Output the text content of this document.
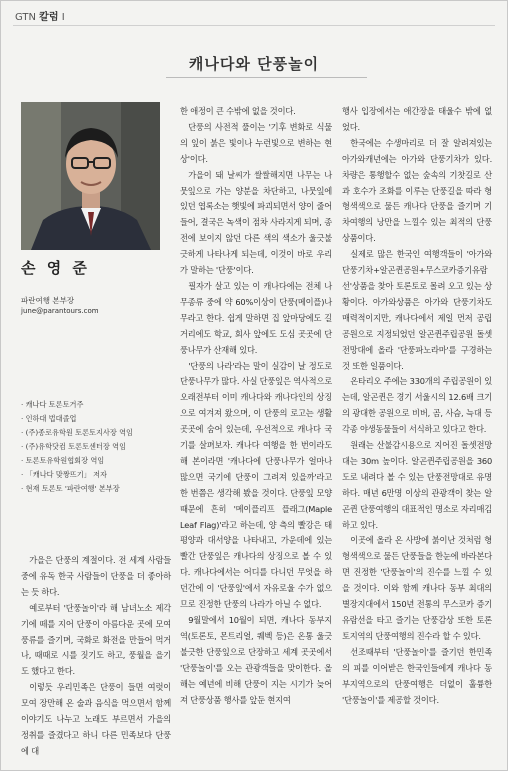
GTN 칼럼 I
캐나다와 단풍놀이
손 영 준
파란여행 본부장
june@parantours.com
· 캐나다 토론토거주
· 인하대 법대졸업
· (주)종로유학원 토론토지사장 역임
· (주)유학닷컴 토론토센터장 역임
· 토론토유학원협회장 역임
· 「캐나다 맞짱뜨기」 저자
· 현재 토론토 '파란여행' 본부장

가을은 단풍의 계절이다. 전 세계 사람들 중에 유독 한국 사람들이 단풍을 더 좋아하는 듯 하다.

예로부터 '단풍놀이'라 해 남녀노소 제각기에 떼를 지어 단풍이 아름다운 곳에 모여 풍류를 즐기며, 국화로 화전을 만들어 먹거나, 때때로 시를 짓기도 하고, 풍월을 을기도 했다고 한다.

이렇듯 우리민족은 단풍이 들면 여럿이 모여 장만해 온 술과 음식을 먹으면서 함께 이야기도 나누고 노래도 부르면서 가을의 정취를 즐겼다고 하니 다른 민족보다 단풍에 대

한 애정이 큰 수밖에 없을 것이다.

단풍의 사전적 풀이는 '기후 변화로 식물의 잎이 붉은 빛이나 누런빛으로 변하는 현상'이다.

가을이 돼 날씨가 쌀쌀해지면 나무는 나뭇잎으로 가는 양분을 차단하고, 나뭇잎에 있던 엽록소는 햇빛에 파괴되면서 양이 줄어들어, 결국은 녹색이 점차 사라지게 되며, 종전에 보이지 않던 다른 색의 색소가 울긋불긋하게 나타나게 되는데, 이것이 바로 우리가 말하는 '단풍'이다.

필자가 살고 있는 이 캐나다에는 전체 나무종류 중에 약 60%이상이 단풍(메이플)나무라고 한다. 쉽게 말하면 집 앞마당에도 길거리에도 학교, 회사 앞에도 도심 곳곳에 단풍나무가 산재해 있다.

'단풍의 나라'라는 말이 실감이 날 정도로 단풍나무가 많다. 사실 단풍잎은 역사적으로 오래전부터 이미 캐나다와 캐나다인의 상징으로 여겨져 왔으며, 이 단풍의 로고는 생활 곳곳에 숨어 있는데, 우선적으로 캐나다 국기를 살펴보자. 캐나다 여행을 한 번이라도 해 본이라면 '캐나다에 단풍나무가 얼마나 많으면 국기에 단풍이 그려져 있을까'라고 한 번쯤은 생각해 봤을 것이다. 단풍잎 모양 때문에 흔히 '메이플리프 플래그(Maple Leaf Flag)'라고 하는데, 양 측의 빨강은 태평양과 대서양을 나타내고, 가운데에 있는 빨간 단풍잎은 캐나다의 상징으로 볼 수 있다. 캐나다에서는 어디를 다니던 무엇을 하던간에 이 '단풍잎'에서 자유로울 수가 없으므로 진정한 단풍의 나라가 아닐 수 없다.

9월말에서 10월이 되면, 캐나다 동부지역(토론토, 몬트리얼, 퀘벡 등)은 온통 울긋불긋한 단풍잎으로 단장하고 세계 곳곳에서 '단풍놀이'를 오는 관광객들을 맞이한다. 올해는 예년에 비해 단풍이 지는 시기가 늦어져 단풍상품 행사를 앞둔 현지여

행사 입장에서는 애간장을 태울수 밖에 없었다.

한국에는 수생마리로 더 잘 알려져있는 아가와캐년에는 아가와 단풍기차가 있다. 차량은 통행할수 없는 숲속의 기찻길로 산과 호수가 조화를 이루는 단풍길을 따라 형형색색으로 물든 캐나다 단풍을 즐기며 기차여행의 낭만을 느낄수 있는 최적의 단풍상품이다.

실제로 많은 한국인 여행객들이 '아가와단풍기차+알곤퀸공원+무스코카증기유람선'상품을 찾아 토론토로 몰려 오고 있는 상황이다. 아가와상품은 아가와 단풍기차도 매력적이지만, 캐나다에서 제일 먼저 공립공원으로 지정되었던 알곤퀸주립공원 돌셋전망대에 올라 '단풍파노라마'를 구경하는 것 또한 일품이다.

온타리오 주에는 330개의 주립공원이 있는데, 알곤퀸은 경기 서울시의 12.6배 크기의 광대한 공원으로 비버, 곰, 사슴, 늑대 등 각종 야생동물들이 서식하고 있다고 한다.

원래는 산불감시용으로 지어진 돌셋전망대는 30m 높이다. 알곤퀸주립공원을 360도로 내려다 볼 수 있는 단풍전망대로 유명하다. 매년 6만명 이상의 관광객이 찾는 알곤퀸 단풍여행의 대표적인 명소로 자리매김하고 있다.

이곳에 올라 온 사방에 붉이난 것처럼 형형색색으로 물든 단풍들을 한눈에 바라본다면 진정한 '단풍놀이'의 진수를 느낄 수 있을 것이다. 이와 함께 캐나다 동부 최대의 별장지대에서 150년 전통의 무스코카 증기유람선을 타고 즐기는 단풍감상 또한 토론토지역의 단풍여행의 진수라 할 수 있다.

선조때부터 '단풍놀이'를 즐기던 한민족의 피를 이어받은 한국인들에게 캐나다 동부지역으로의 단풍여행은 더없이 훌륭한 '단풍놀이'를 제공할 것이다.
